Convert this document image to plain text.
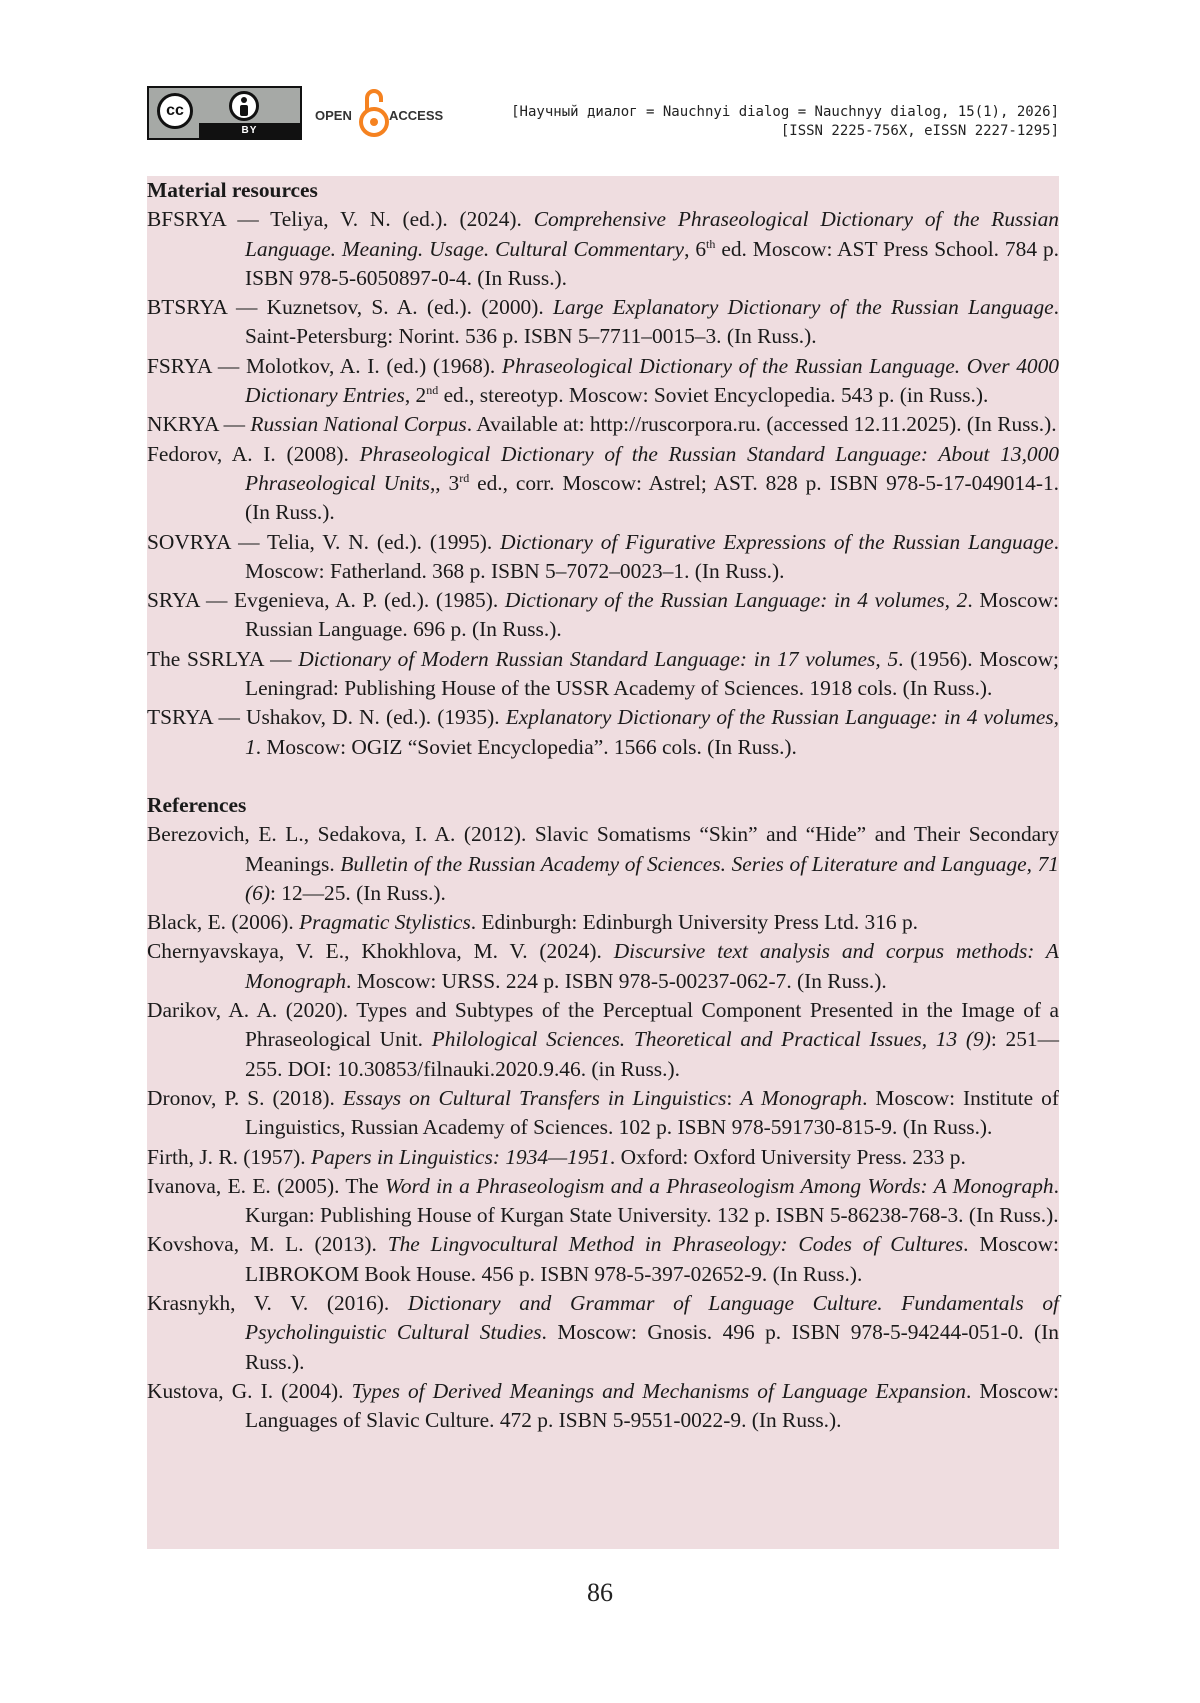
cc
BY
OPEN	ACCESS	[Научный диалог = Nauchnyi dialog = Nauchnyy dialog, 15(1), 2026]
[ISSN 2225-756X, eISSN 2227-1295]

Material resources

BFSRYA — Teliya, V. N. (ed.). (2024). Comprehensive Phraseological Dictionary of the Russian Language. Meaning. Usage. Cultural Commentary, 6th ed. Moscow: AST Press School. 784 p. ISBN 978-5-6050897-0-4. (In Russ.).

BTSRYA — Kuznetsov, S. A. (ed.). (2000). Large Explanatory Dictionary of the Russian Language. Saint-Petersburg: Norint. 536 p. ISBN 5–7711–0015–3. (In Russ.).

FSRYA — Molotkov, A. I. (ed.) (1968). Phraseological Dictionary of the Russian Language. Over 4000 Dictionary Entries, 2nd ed., stereotyp. Moscow: Soviet Encyclopedia. 543 p. (in Russ.).

NKRYA — Russian National Corpus. Available at: http://ruscorpora.ru. (accessed 12.11.2025). (In Russ.).

Fedorov, A. I. (2008). Phraseological Dictionary of the Russian Standard Language: About 13,000 Phraseological Units,, 3rd ed., corr. Moscow: Astrel; AST. 828 p. ISBN 978-5-17-049014-1. (In Russ.).

SOVRYA — Telia, V. N. (ed.). (1995). Dictionary of Figurative Expressions of the Russian Language. Moscow: Fatherland. 368 p. ISBN 5–7072–0023–1. (In Russ.).

SRYA — Evgenieva, A. P. (ed.). (1985). Dictionary of the Russian Language: in 4 volumes, 2. Moscow: Russian Language. 696 p. (In Russ.).

The SSRLYA — Dictionary of Modern Russian Standard Language: in 17 volumes, 5. (1956). Moscow; Leningrad: Publishing House of the USSR Academy of Sciences. 1918 cols. (In Russ.).

TSRYA — Ushakov, D. N. (ed.). (1935). Explanatory Dictionary of the Russian Language: in 4 volumes, 1. Moscow: OGIZ “Soviet Encyclopedia”. 1566 cols. (In Russ.).

References

Berezovich, E. L., Sedakova, I. A. (2012). Slavic Somatisms “Skin” and “Hide” and Their Secondary Meanings. Bulletin of the Russian Academy of Sciences. Series of Literature and Language, 71 (6): 12—25. (In Russ.).

Black, E. (2006). Pragmatic Stylistics. Edinburgh: Edinburgh University Press Ltd. 316 p.

Chernyavskaya, V. E., Khokhlova, M. V. (2024). Discursive text analysis and corpus methods: A Monograph. Moscow: URSS. 224 p. ISBN 978-5-00237-062-7. (In Russ.).

Darikov, A. A. (2020). Types and Subtypes of the Perceptual Component Presented in the Image of a Phraseological Unit. Philological Sciences. Theoretical and Practical Issues, 13 (9): 251—255. DOI: 10.30853/filnauki.2020.9.46. (in Russ.).

Dronov, P. S. (2018). Essays on Cultural Transfers in Linguistics: A Monograph. Moscow: Institute of Linguistics, Russian Academy of Sciences. 102 p. ISBN 978-591730-815-9. (In Russ.).

Firth, J. R. (1957). Papers in Linguistics: 1934—1951. Oxford: Oxford University Press. 233 p.

Ivanova, E. E. (2005). The Word in a Phraseologism and a Phraseologism Among Words: A Monograph. Kurgan: Publishing House of Kurgan State University. 132 p. ISBN 5-86238-768-3. (In Russ.).

Kovshova, M. L. (2013). The Lingvocultural Method in Phraseology: Codes of Cultures. Moscow: LIBROKOM Book House. 456 p. ISBN 978-5-397-02652-9. (In Russ.).

Krasnykh, V. V. (2016). Dictionary and Grammar of Language Culture. Fundamentals of Psycholinguistic Cultural Studies. Moscow: Gnosis. 496 p. ISBN 978-5-94244-051-0. (In Russ.).

Kustova, G. I. (2004). Types of Derived Meanings and Mechanisms of Language Expansion. Moscow: Languages of Slavic Culture. 472 p. ISBN 5-9551-0022-9. (In Russ.).

86
